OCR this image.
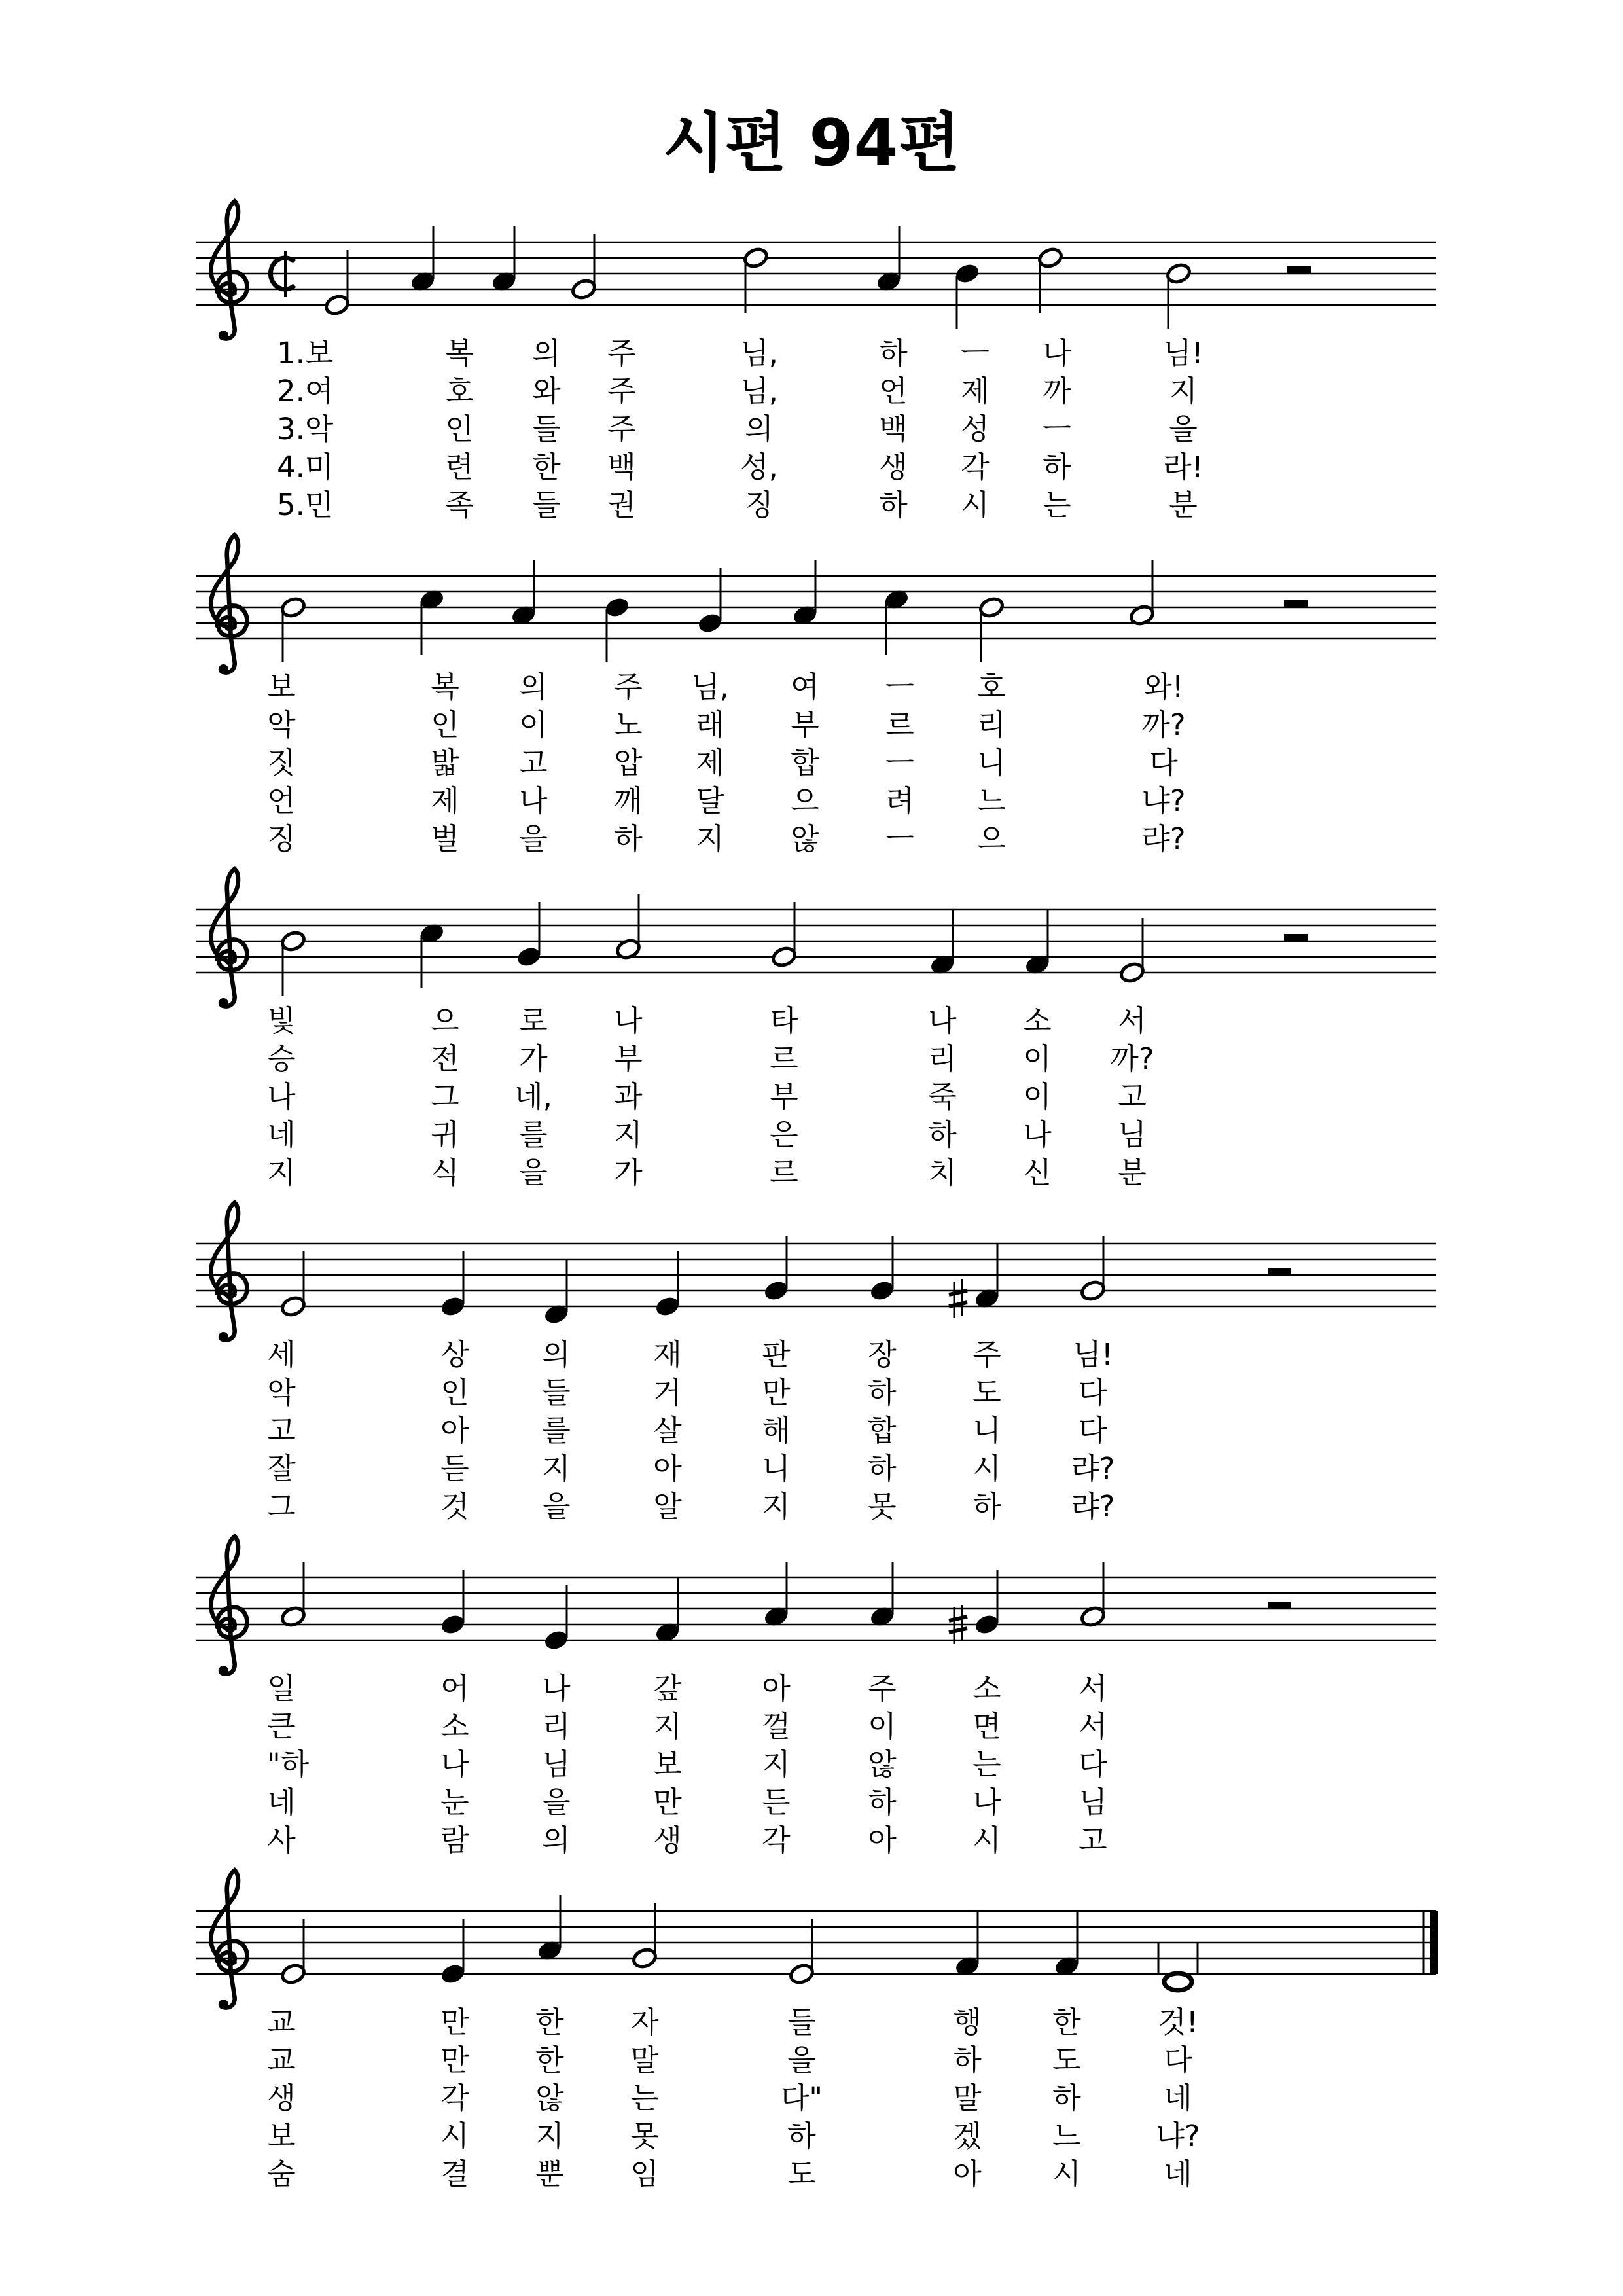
시편 94편
1.보	복 의 주	님,	하 ㅡ 나	님!
2.여	호 와 주	님,	언 제 까	지
3.악	인 들 주	의	백 성 ㅡ	을
4.미	련 한 백	성,	생 각 하	라!
5.민	족 들 권	징	하 시 는	분
보	복 의 주 님, 여 ㅡ 호	와!
악	인 이 노 래 부 르 리	까?
짓	밟 고 압 제 합 ㅡ 니	다
언	제 나 깨 달 으 려 느	냐?
징	벌 을 하 지 않 ㅡ 으	랴?
빛	으 로 나	타	나 소 서
승	전 가 부	르	리 이 까?
나	그 네, 과	부	죽 이 고
네	귀 를 지	은	하 나 님
지	식 을 가	르	치 신 분
세	상 의	재	판	장	주 님!
악	인 들	거	만	하	도	다
고	아 를	살	해	합	니	다
잘	듣 지	아	니	하	시 랴?
그	것 을	알	지	못	하 랴?
일	어 나	갚	아	주	소	서
큰	소 리	지	껄	이	면	서
"하	나 님	보	지	않	는	다
네	눈 을	만	든	하	나	님
사	람 의	생	각	아	시	고
교	만 한 자	들	행 한	것!
교	만 한 말	을	하 도	다
생	각 않 는	다"	말 하	네
보	시 지 못	하	겠 느	냐?
숨	결 뿐 임	도	아 시	네
